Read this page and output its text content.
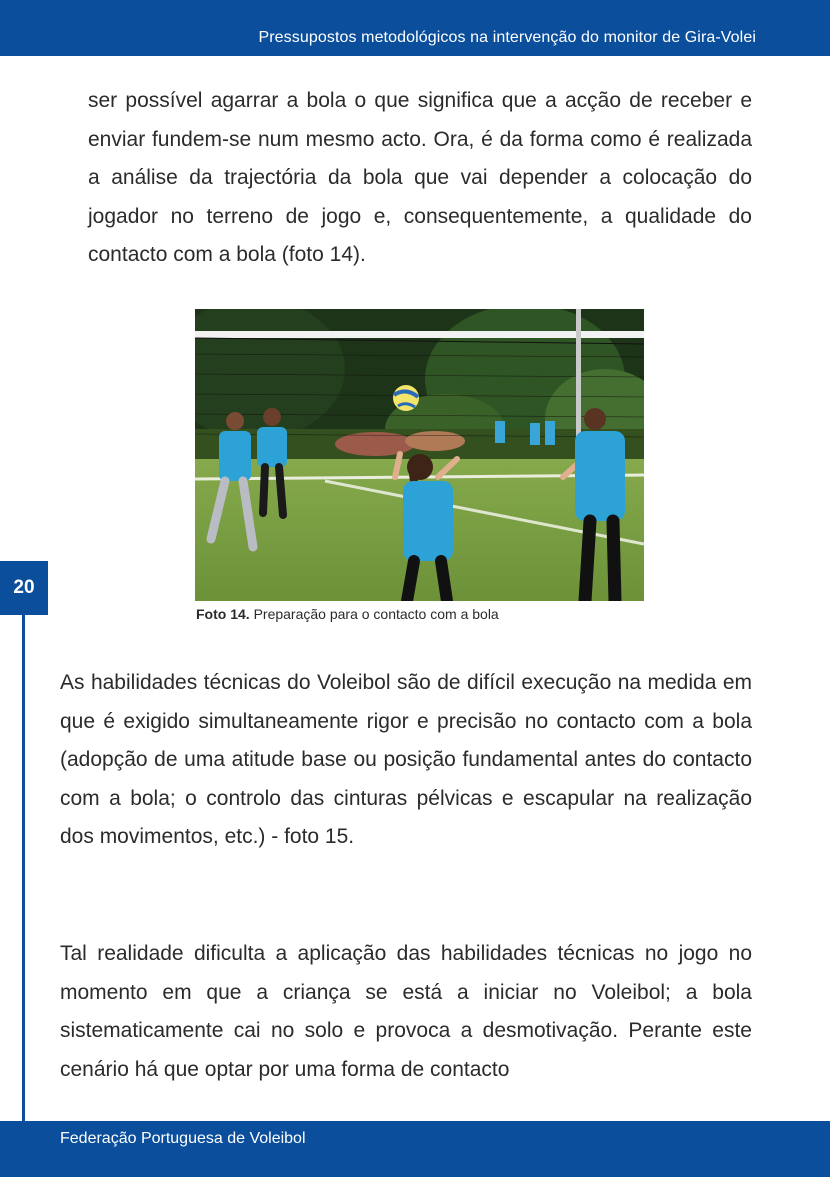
Pressupostos metodológicos na intervenção do monitor de Gira-Volei
20

ser possível agarrar a bola o que significa que a acção de receber e enviar fundem-se num mesmo acto. Ora, é da forma como é realizada a análise da trajectória da bola que vai depender a colocação do jogador no terreno de jogo e, consequentemente, a qualidade do contacto com a bola (foto 14).

Foto 14. Preparação para o contacto com a bola

As habilidades técnicas do Voleibol são de difícil execução na medida em que é exigido simultaneamente rigor e precisão no contacto com a bola (adopção de uma atitude base ou posição fundamental antes do contacto com a bola; o controlo das cinturas pélvicas e escapular na realização dos movimentos, etc.) - foto 15.

Tal realidade dificulta a aplicação das habilidades técnicas no jogo no momento em que a criança se está a iniciar no Voleibol; a bola sistematicamente cai no solo e provoca a desmotivação. Perante este cenário há que optar por uma forma de contacto

Federação Portuguesa de Voleibol
